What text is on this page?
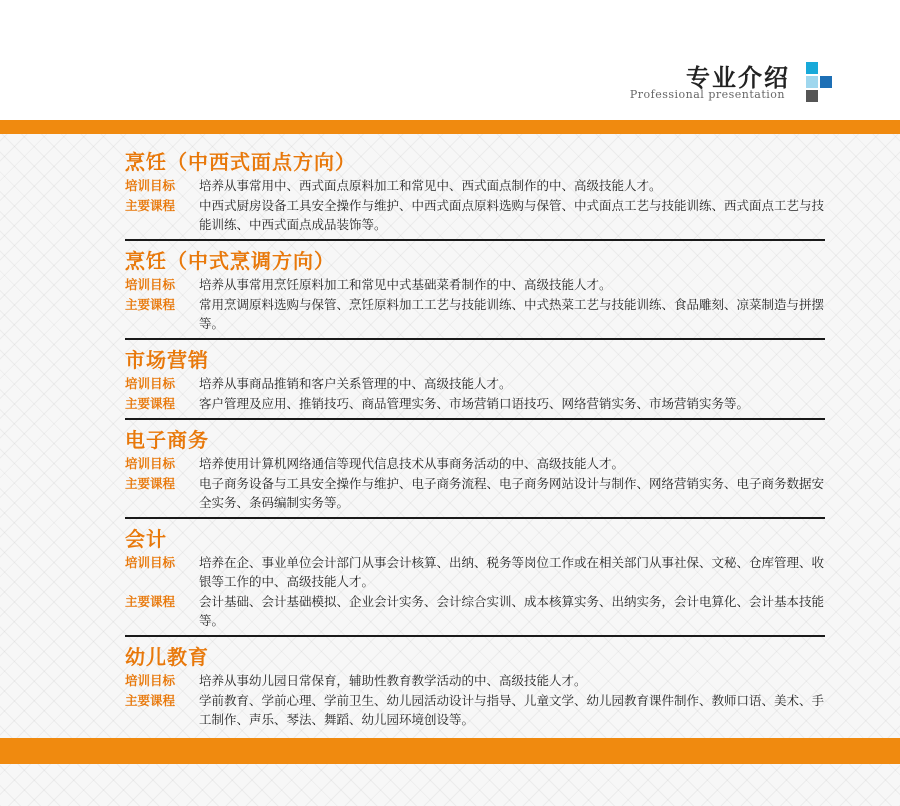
专业介绍
Professional presentation
烹饪（中西式面点方向）
培训目标	培养从事常用中、西式面点原料加工和常见中、西式面点制作的中、高级技能人才。
主要课程	中西式厨房设备工具安全操作与维护、中西式面点原料选购与保管、中式面点工艺与技能训练、西式面点工艺与技能训练、中西式面点成品装饰等。
烹饪（中式烹调方向）
培训目标	培养从事常用烹饪原料加工和常见中式基础菜肴制作的中、高级技能人才。
主要课程	常用烹调原料选购与保管、烹饪原料加工工艺与技能训练、中式热菜工艺与技能训练、食品雕刻、凉菜制造与拼摆等。
市场营销
培训目标	培养从事商品推销和客户关系管理的中、高级技能人才。
主要课程	客户管理及应用、推销技巧、商品管理实务、市场营销口语技巧、网络营销实务、市场营销实务等。
电子商务
培训目标	培养使用计算机网络通信等现代信息技术从事商务活动的中、高级技能人才。
主要课程	电子商务设备与工具安全操作与维护、电子商务流程、电子商务网站设计与制作、网络营销实务、电子商务数据安全实务、条码编制实务等。
会计
培训目标	培养在企、事业单位会计部门从事会计核算、出纳、税务等岗位工作或在相关部门从事社保、文秘、仓库管理、收银等工作的中、高级技能人才。
主要课程	会计基础、会计基础模拟、企业会计实务、会计综合实训、成本核算实务、出纳实务，会计电算化、会计基本技能等。
幼儿教育
培训目标	培养从事幼儿园日常保育，辅助性教育教学活动的中、高级技能人才。
主要课程	学前教育、学前心理、学前卫生、幼儿园活动设计与指导、儿童文学、幼儿园教育课件制作、教师口语、美术、手工制作、声乐、琴法、舞蹈、幼儿园环境创设等。
